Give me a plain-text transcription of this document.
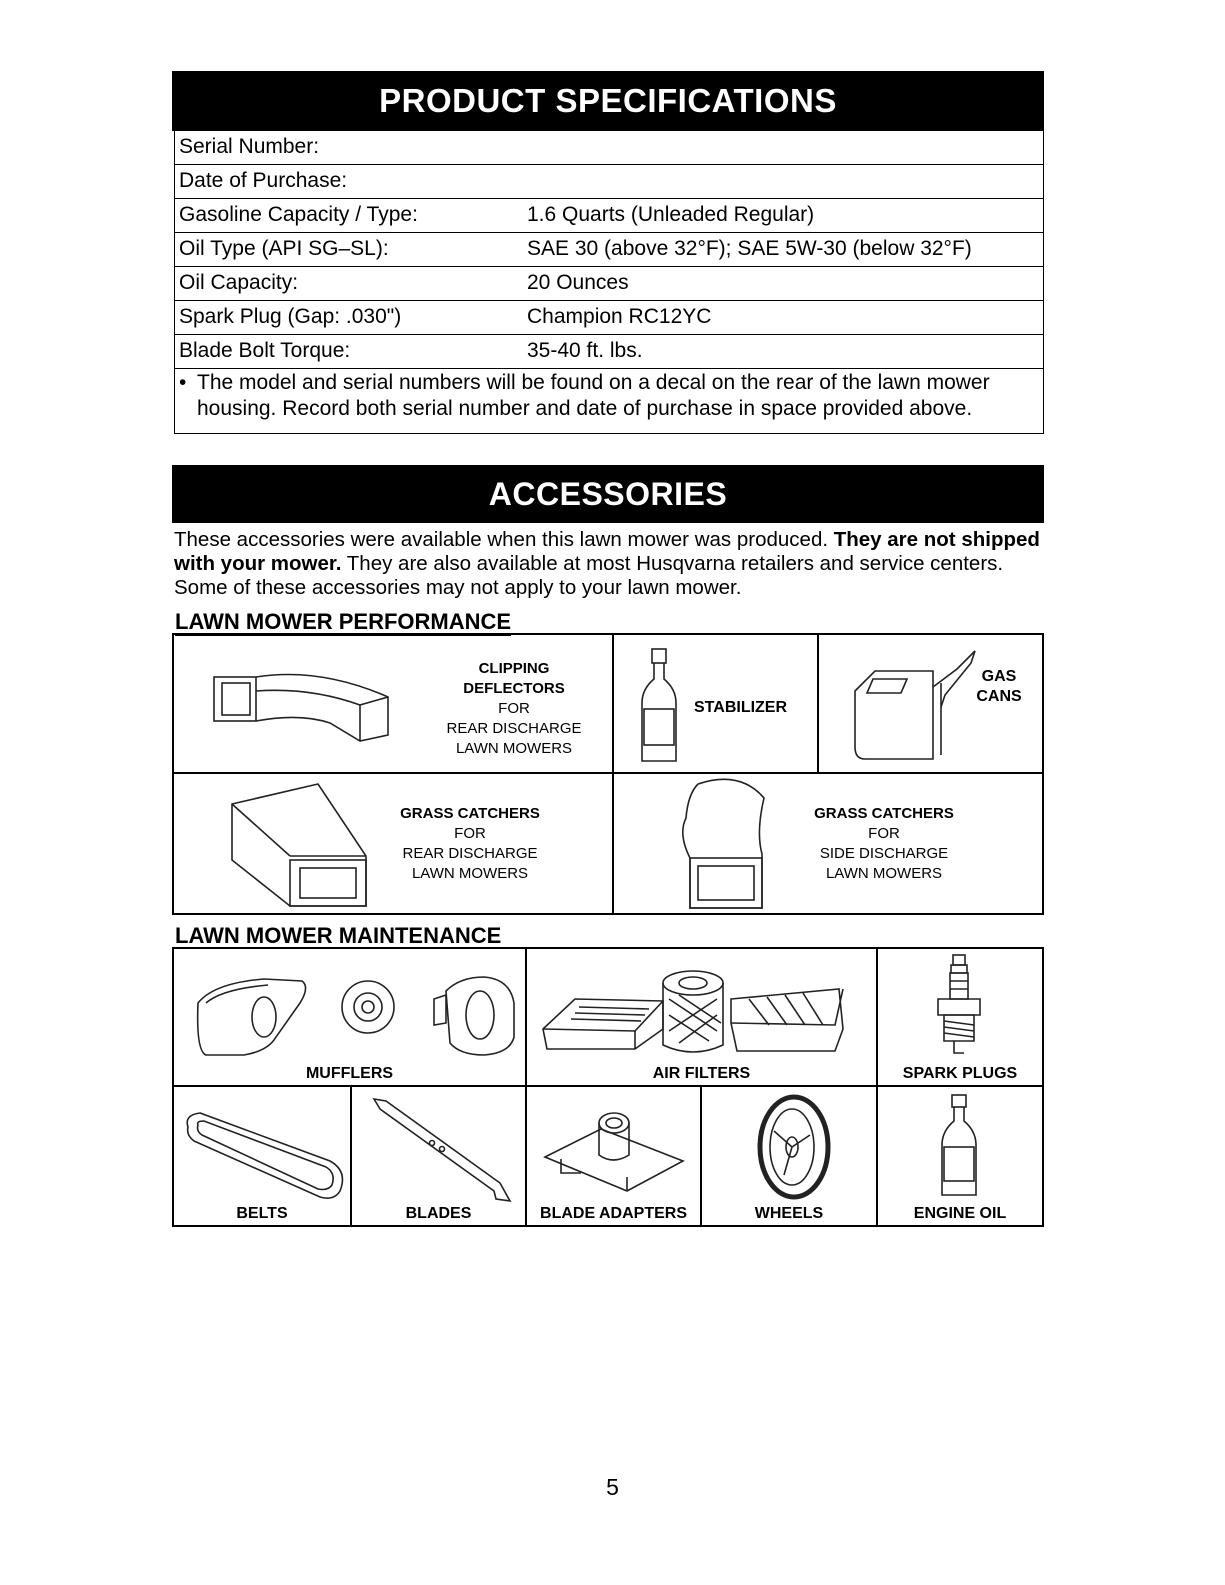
PRODUCT SPECIFICATIONS
Serial Number:
Date of Purchase:
Gasoline Capacity / Type:	1.6 Quarts (Unleaded Regular)
Oil Type (API SG–SL):	SAE 30 (above 32°F); SAE 5W-30 (below 32°F)
Oil Capacity:	20 Ounces
Spark Plug (Gap: .030")	Champion RC12YC
Blade Bolt Torque:	35-40 ft. lbs.
• The model and serial numbers will be found on a decal on the rear of the lawn mower housing. Record both serial number and date of purchase in space provided above.
ACCESSORIES
These accessories were available when this lawn mower was produced. They are not shipped with your mower. They are also available at most Husqvarna retailers and service centers. Some of these accessories may not apply to your lawn mower.
LAWN MOWER PERFORMANCE
CLIPPING
DEFLECTORS
FOR
REAR DISCHARGE
LAWN MOWERS
STABILIZER
GAS
CANS
GRASS CATCHERS
FOR
REAR DISCHARGE
LAWN MOWERS
GRASS CATCHERS
FOR
SIDE DISCHARGE
LAWN MOWERS
LAWN MOWER MAINTENANCE
MUFFLERS	AIR FILTERS	SPARK PLUGS
BELTS	BLADES	BLADE ADAPTERS	WHEELS	ENGINE OIL
5
